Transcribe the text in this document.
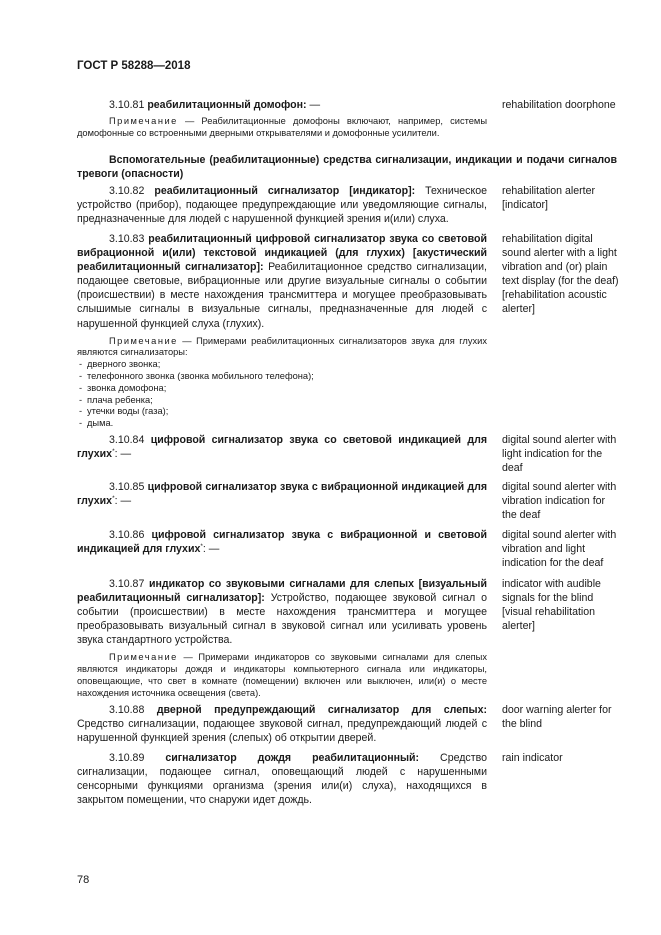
ГОСТ Р 58288—2018
3.10.81 реабилитационный домофон: —
Примечание — Реабилитационные домофоны включают, например, системы домофонные со встроенными дверными открывателями и домофонные усилители.
rehabilitation doorphone
Вспомогательные (реабилитационные) средства сигнализации, индикации и подачи сигналов тревоги (опасности)
3.10.82 реабилитационный сигнализатор [индикатор]: Техническое устройство (прибор), подающее предупреждающие или уведомляющие сигналы, предназначенные для людей с нарушенной функцией зрения и(или) слуха.
rehabilitation alerter [indicator]
3.10.83 реабилитационный цифровой сигнализатор звука со световой вибрационной и(или) текстовой индикацией (для глухих) [акустический реабилитационный сигнализатор]: Реабилитационное средство сигнализации, подающее световые, вибрационные или другие визуальные сигналы о событии (происшествии) в месте нахождения трансмиттера и могущее преобразовывать слышимые сигналы в визуальные сигналы, предназначенные для людей с нарушенной функцией слуха (глухих).
Примечание — Примерами реабилитационных сигнализаторов звука для глухих являются сигнализаторы:
- дверного звонка;
- телефонного звонка (звонка мобильного телефона);
- звонка домофона;
- плача ребенка;
- утечки воды (газа);
- дыма.
rehabilitation digital sound alerter with a light vibration and (or) plain text display (for the deaf) [rehabilitation acoustic alerter]
3.10.84 цифровой сигнализатор звука со световой индикацией для глухих*: —
digital sound alerter with light indication for the deaf
3.10.85 цифровой сигнализатор звука с вибрационной индикацией для глухих*: —
digital sound alerter with vibration indication for the deaf
3.10.86 цифровой сигнализатор звука с вибрационной и световой индикацией для глухих*: —
digital sound alerter with vibration and light indication for the deaf
3.10.87 индикатор со звуковыми сигналами для слепых [визуальный реабилитационный сигнализатор]: Устройство, подающее звуковой сигнал о событии (происшествии) в месте нахождения трансмиттера и могущее преобразовывать визуальный сигнал в звуковой сигнал или усиливать уровень звука стандартного устройства.
Примечание — Примерами индикаторов со звуковыми сигналами для слепых являются индикаторы дождя и индикаторы компьютерного сигнала или индикаторы, оповещающие, что свет в комнате (помещении) включен или выключен, или(и) о месте нахождения источника освещения (света).
indicator with audible signals for the blind [visual rehabilitation alerter]
3.10.88 дверной предупреждающий сигнализатор для слепых: Средство сигнализации, подающее звуковой сигнал, предупреждающий людей с нарушенной функцией зрения (слепых) об открытии дверей.
door warning alerter for the blind
3.10.89 сигнализатор дождя реабилитационный: Средство сигнализации, подающее сигнал, оповещающий людей с нарушенными сенсорными функциями организма (зрения или(и) слуха), находящихся в закрытом помещении, что снаружи идет дождь.
rain indicator
78
